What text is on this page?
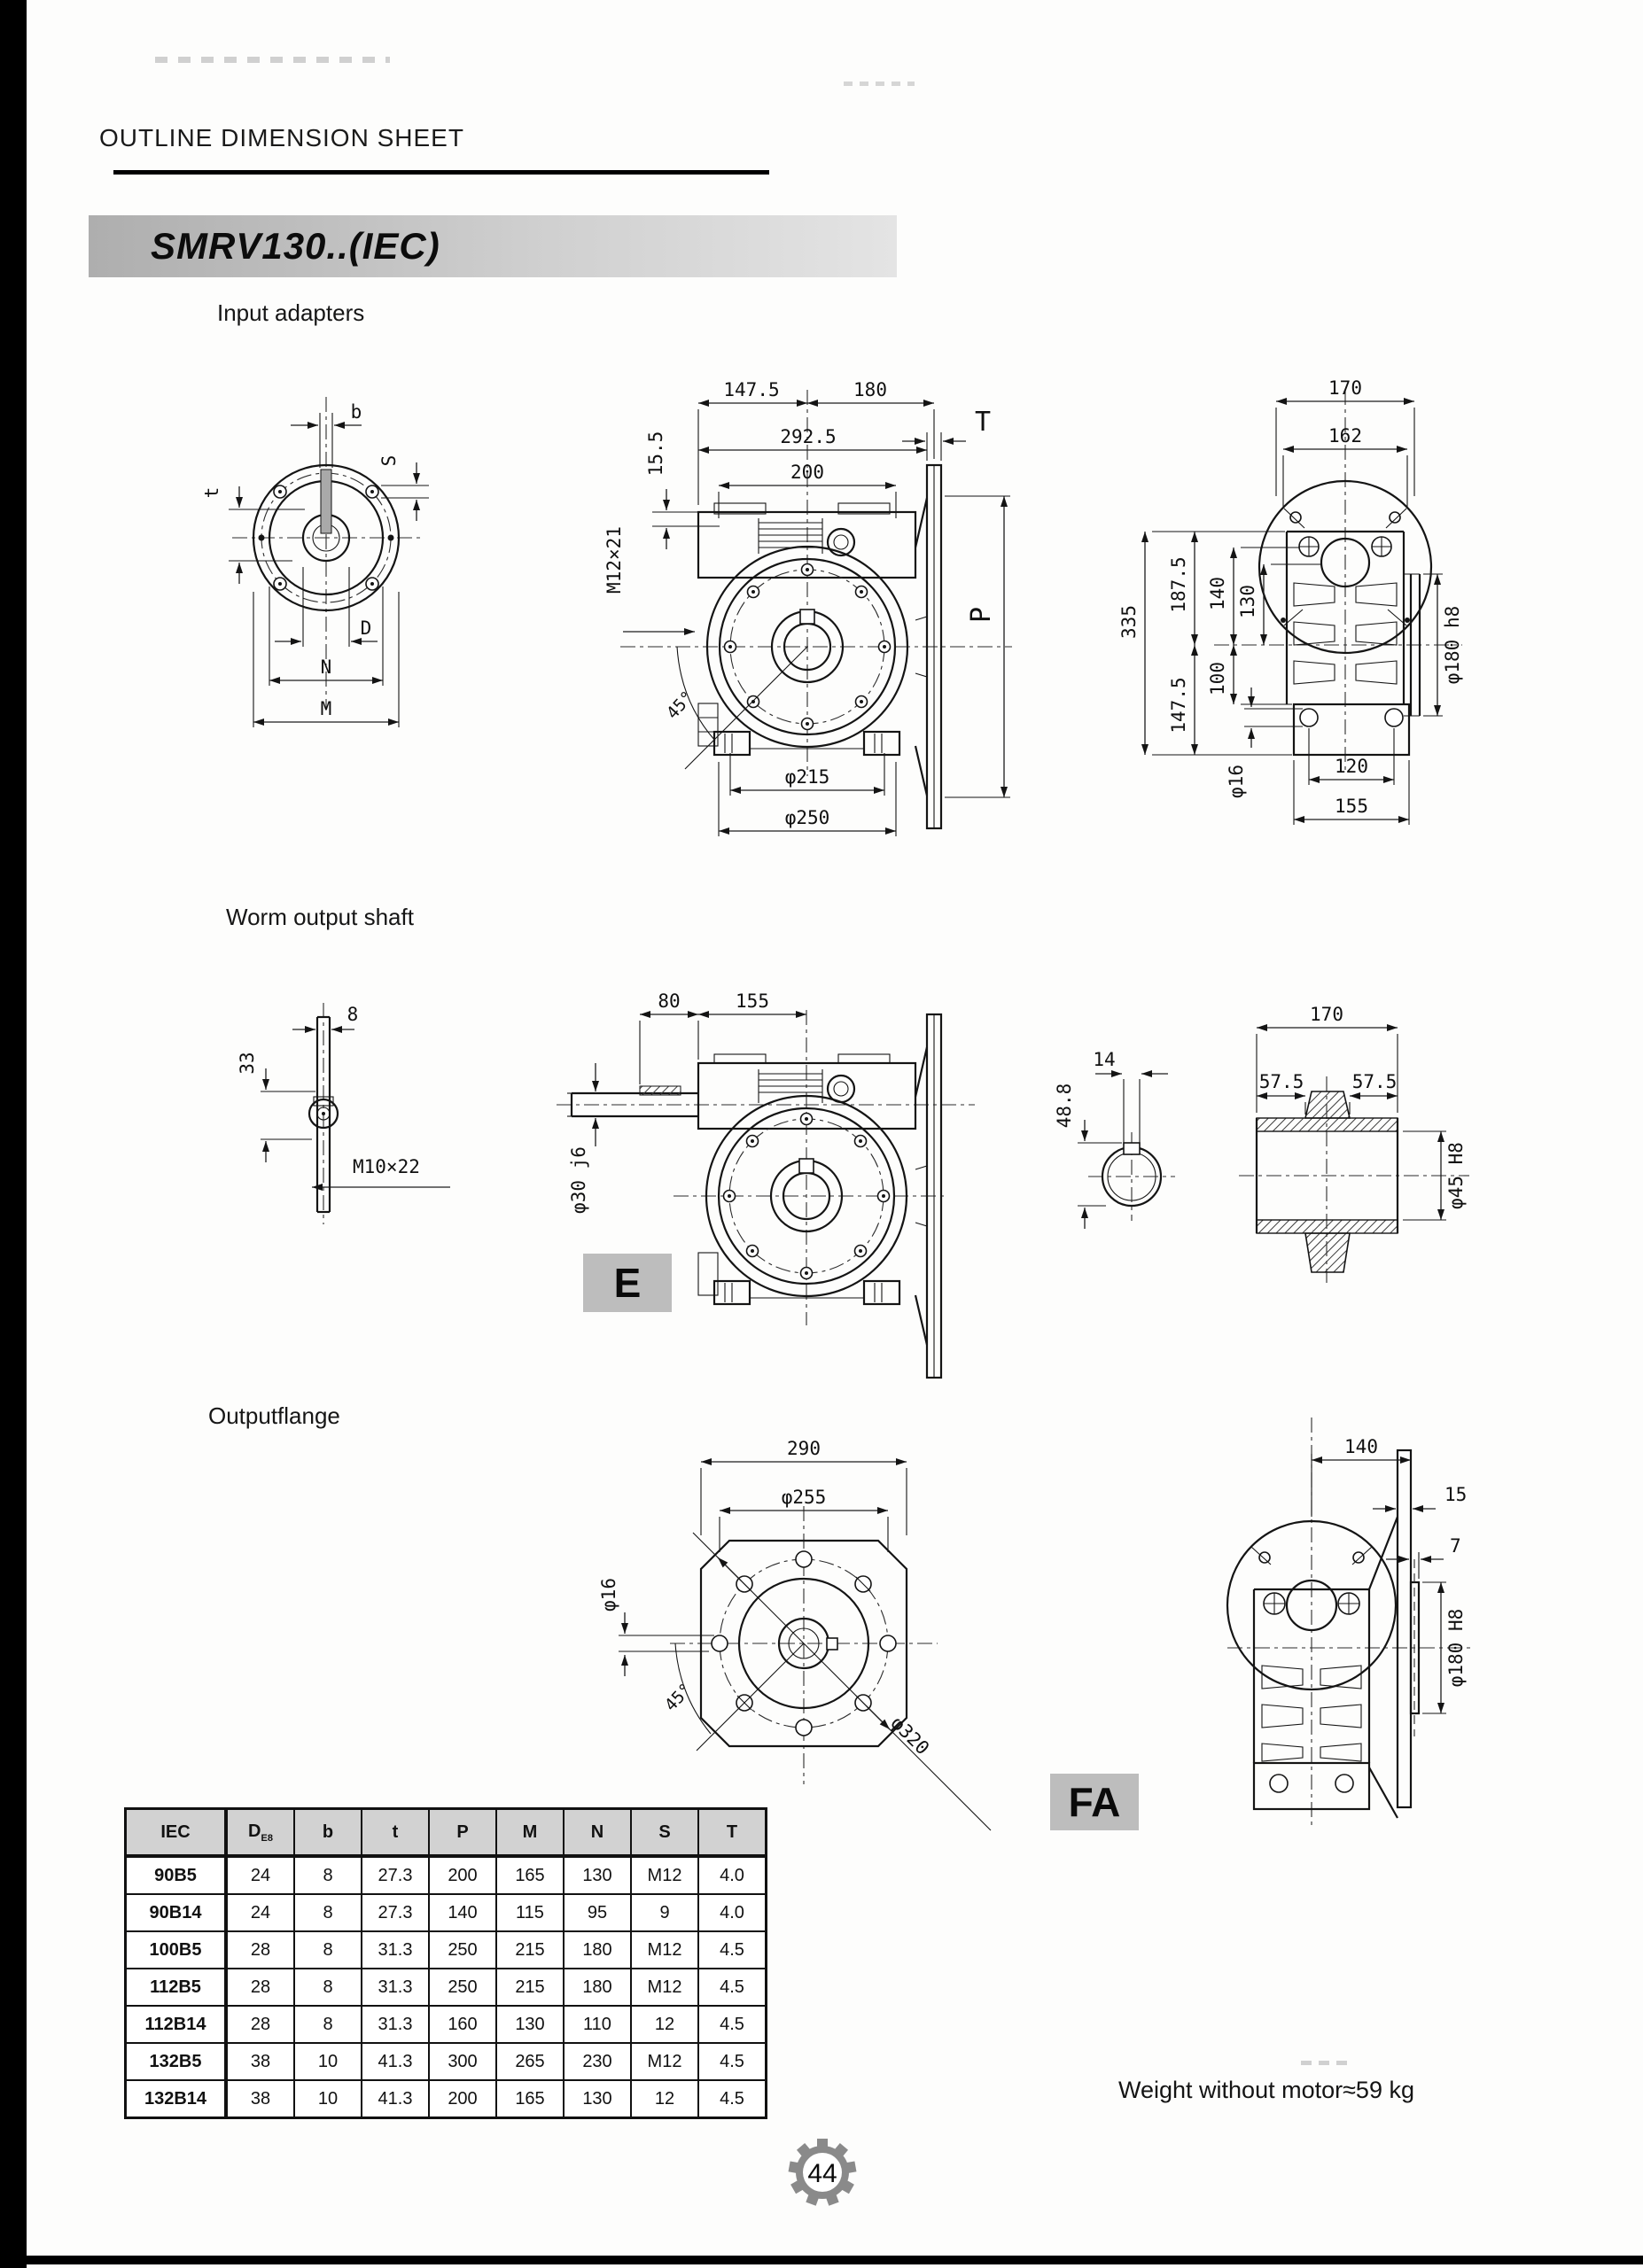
OUTLINE DIMENSION SHEET
SMRV130..(IEC)
Input adapters
Worm output shaft
Outputflange
b
S
t
D
N
M
147.5	180
292.5
200
15.5
M12×21
T
P
45°
φ215
φ250
170
162
335
187.5 140 130
100
147.5
φ16	120
155
φ180 h8
8
33
M10×22
80	155
φ30 j6
E
14
48.8
170
57.5	57.5
φ45 H8
290
φ255
φ16
45°
φ320
140
15
7
φ180 H8
FA
44
IEC	$D_{E8}$	b	t	P	M	N	S	T
90B5	24	8	27.3	200	165	130	M12	4.0
90B14	24	8	27.3	140	115	95	9	4.0
100B5	28	8	31.3	250	215	180	M12	4.5
112B5	28	8	31.3	250	215	180	M12	4.5
112B14	28	8	31.3	160	130	110	12	4.5
132B5	38	10	41.3	300	265	230	M12	4.5
132B14	38	10	41.3	200	165	130	12	4.5	Weight without motor≈59 kg
